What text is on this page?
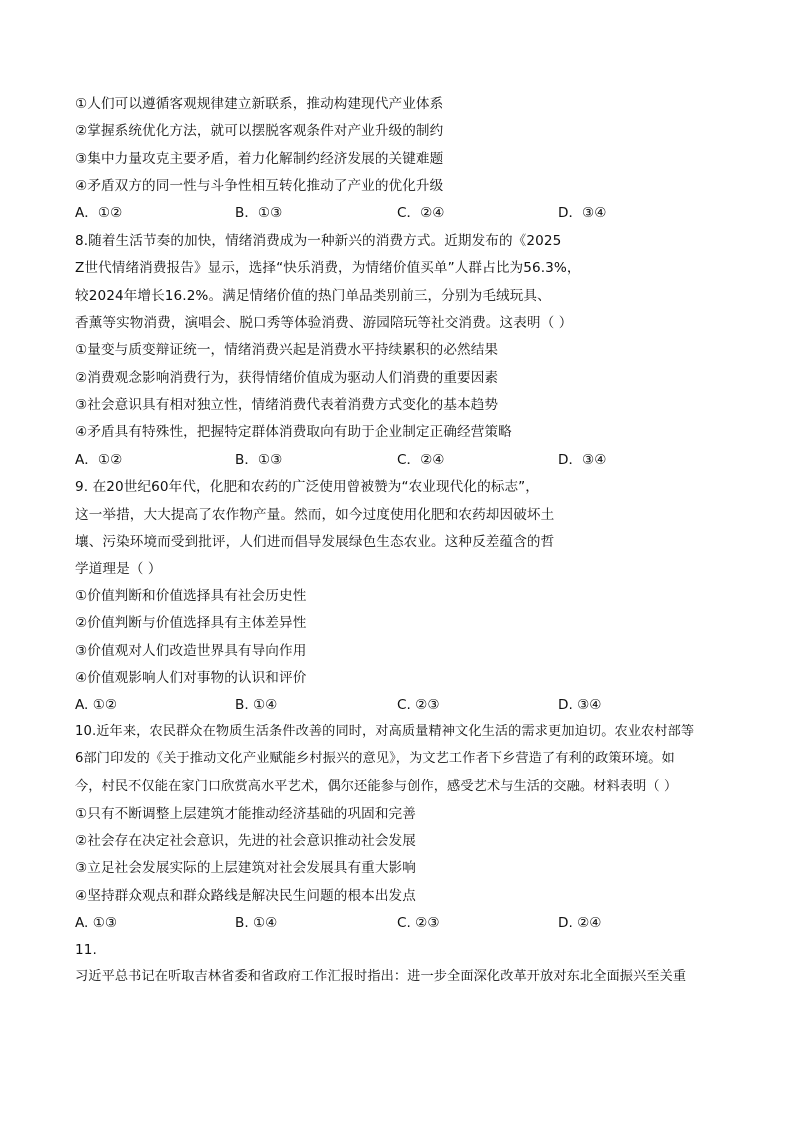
①人们可以遵循客观规律建立新联系，推动构建现代产业体系
②掌握系统优化方法，就可以摆脱客观条件对产业升级的制约
③集中力量攻克主要矛盾，着力化解制约经济发展的关键难题
④矛盾双方的同一性与斗争性相互转化推动了产业的优化升级
A．①②	B．①③	C．②④	D．③④
8.随着生活节奏的加快，情绪消费成为一种新兴的消费方式。近期发布的《2025
Z世代情绪消费报告》显示，选择“快乐消费，为情绪价值买单”人群占比为56.3%，
较2024年增长16.2%。满足情绪价值的热门单品类别前三，分别为毛绒玩具、
香薰等实物消费，演唱会、脱口秀等体验消费、游园陪玩等社交消费。这表明（ ）
①量变与质变辩证统一，情绪消费兴起是消费水平持续累积的必然结果
②消费观念影响消费行为，获得情绪价值成为驱动人们消费的重要因素
③社会意识具有相对独立性，情绪消费代表着消费方式变化的基本趋势
④矛盾具有特殊性，把握特定群体消费取向有助于企业制定正确经营策略
A．①②	B．①③	C．②④	D．③④
9. 在20世纪60年代，化肥和农药的广泛使用曾被赞为“农业现代化的标志”，
这一举措，大大提高了农作物产量。然而，如今过度使用化肥和农药却因破坏土
壤、污染环境而受到批评，人们进而倡导发展绿色生态农业。这种反差蕴含的哲
学道理是（ ）
①价值判断和价值选择具有社会历史性
②价值判断与价值选择具有主体差异性
③价值观对人们改造世界具有导向作用
④价值观影响人们对事物的认识和评价
A. ①②	B. ①④	C. ②③	D. ③④
10.近年来，农民群众在物质生活条件改善的同时，对高质量精神文化生活的需求更加迫切。农业农村部等
6部门印发的《关于推动文化产业赋能乡村振兴的意见》，为文艺工作者下乡营造了有利的政策环境。如
今，村民不仅能在家门口欣赏高水平艺术，偶尔还能参与创作，感受艺术与生活的交融。材料表明（ ）
①只有不断调整上层建筑才能推动经济基础的巩固和完善
②社会存在决定社会意识，先进的社会意识推动社会发展
③立足社会发展实际的上层建筑对社会发展具有重大影响
④坚持群众观点和群众路线是解决民生问题的根本出发点
A. ①③	B. ①④	C. ②③	D. ②④
11.
习近平总书记在听取吉林省委和省政府工作汇报时指出：进一步全面深化改革开放对东北全面振兴至关重
